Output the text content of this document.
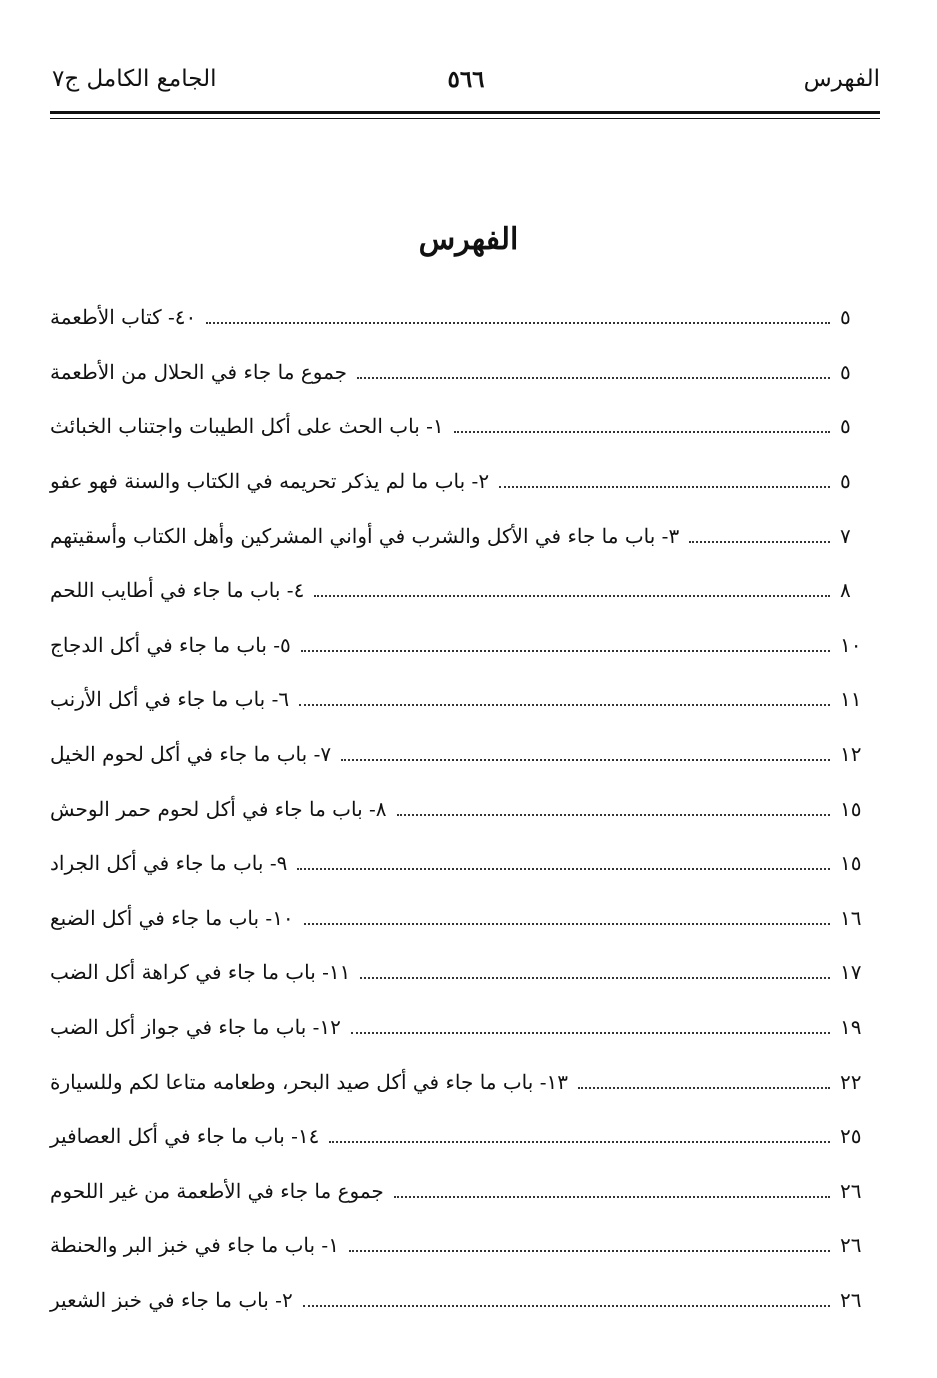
الفهرس
٥٦٦
الجامع الكامل ج٧
الفهرس
٤٠- كتاب الأطعمة	٥
جموع ما جاء في الحلال من الأطعمة	٥
١- باب الحث على أكل الطيبات واجتناب الخبائث	٥
٢- باب ما لم يذكر تحريمه في الكتاب والسنة فهو عفو	٥
٣- باب ما جاء في الأكل والشرب في أواني المشركين وأهل الكتاب وأسقيتهم	٧
٤- باب ما جاء في أطايب اللحم	٨
٥- باب ما جاء في أكل الدجاج	١٠
٦- باب ما جاء في أكل الأرنب	١١
٧- باب ما جاء في أكل لحوم الخيل	١٢
٨- باب ما جاء في أكل لحوم حمر الوحش	١٥
٩- باب ما جاء في أكل الجراد	١٥
١٠- باب ما جاء في أكل الضبع	١٦
١١- باب ما جاء في كراهة أكل الضب	١٧
١٢- باب ما جاء في جواز أكل الضب	١٩
١٣- باب ما جاء في أكل صيد البحر، وطعامه متاعا لكم وللسيارة	٢٢
١٤- باب ما جاء في أكل العصافير	٢٥
جموع ما جاء في الأطعمة من غير اللحوم	٢٦
١- باب ما جاء في خبز البر والحنطة	٢٦
٢- باب ما جاء في خبز الشعير	٢٦
